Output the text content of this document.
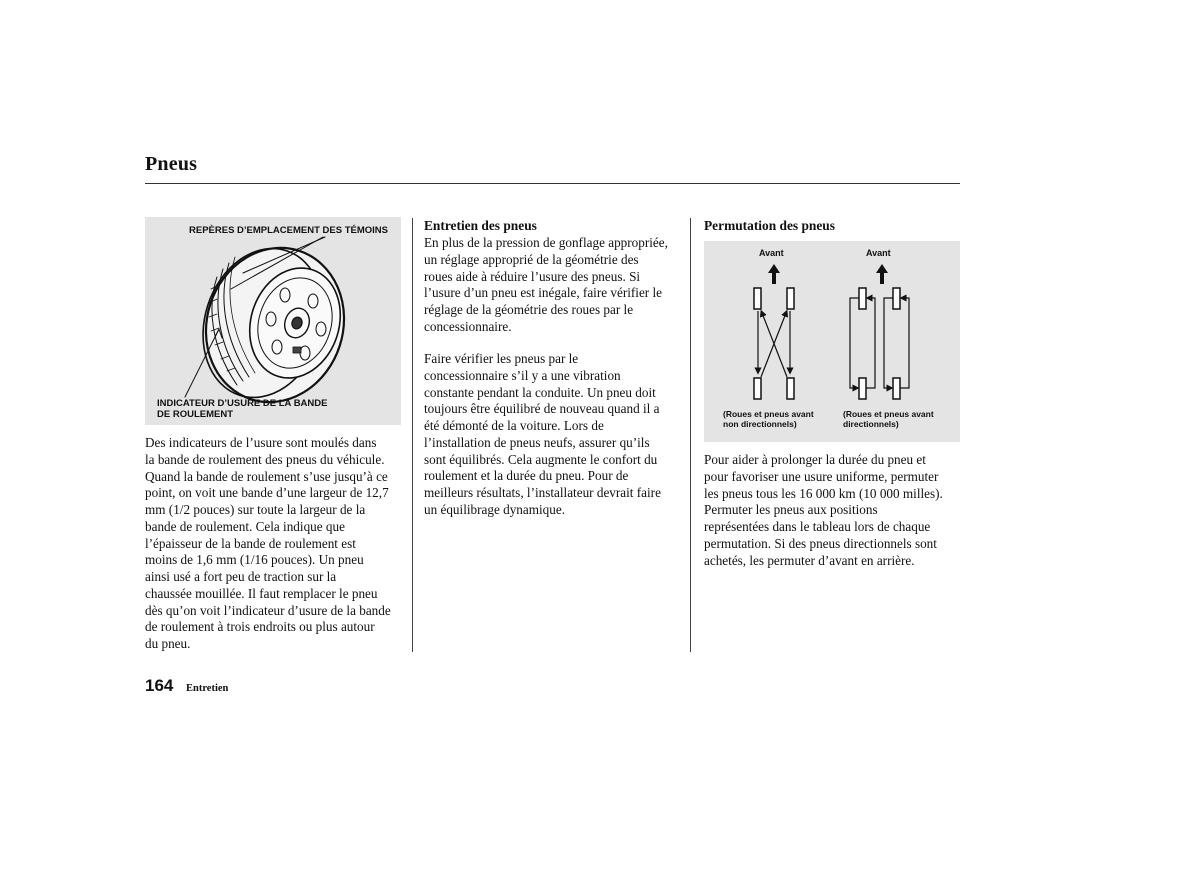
Pneus
REPÈRES D’EMPLACEMENT DES TÉMOINS
INDICATEUR D’USURE DE LA BANDE
DE ROULEMENT
Des indicateurs de l’usure sont moulés dans
la bande de roulement des pneus du véhicule.
Quand la bande de roulement s’use jusqu’à ce
point, on voit une bande d’une largeur de 12,7
mm (1/2 pouces) sur toute la largeur de la
bande de roulement. Cela indique que
l’épaisseur de la bande de roulement est
moins de 1,6 mm (1/16 pouces). Un pneu
ainsi usé a fort peu de traction sur la
chaussée mouillée. Il faut remplacer le pneu
dès qu’on voit l’indicateur d’usure de la bande
de roulement à trois endroits ou plus autour
du pneu.
Entretien des pneus
En plus de la pression de gonflage appropriée,
un réglage approprié de la géométrie des
roues aide à réduire l’usure des pneus. Si
l’usure d’un pneu est inégale, faire vérifier le
réglage de la géométrie des roues par le
concessionnaire.
Faire vérifier les pneus par le
concessionnaire s’il y a une vibration
constante pendant la conduite. Un pneu doit
toujours être équilibré de nouveau quand il a
été démonté de la voiture. Lors de
l’installation de pneus neufs, assurer qu’ils
sont équilibrés. Cela augmente le confort du
roulement et la durée du pneu. Pour de
meilleurs résultats, l’installateur devrait faire
un équilibrage dynamique.
Permutation des pneus
Avant	Avant
(Roues et pneus avant
non directionnels)
(Roues et pneus avant
directionnels)
Pour aider à prolonger la durée du pneu et
pour favoriser une usure uniforme, permuter
les pneus tous les 16 000 km (10 000 milles).
Permuter les pneus aux positions
représentées dans le tableau lors de chaque
permutation. Si des pneus directionnels sont
achetés, les permuter d’avant en arrière.
164 Entretien
